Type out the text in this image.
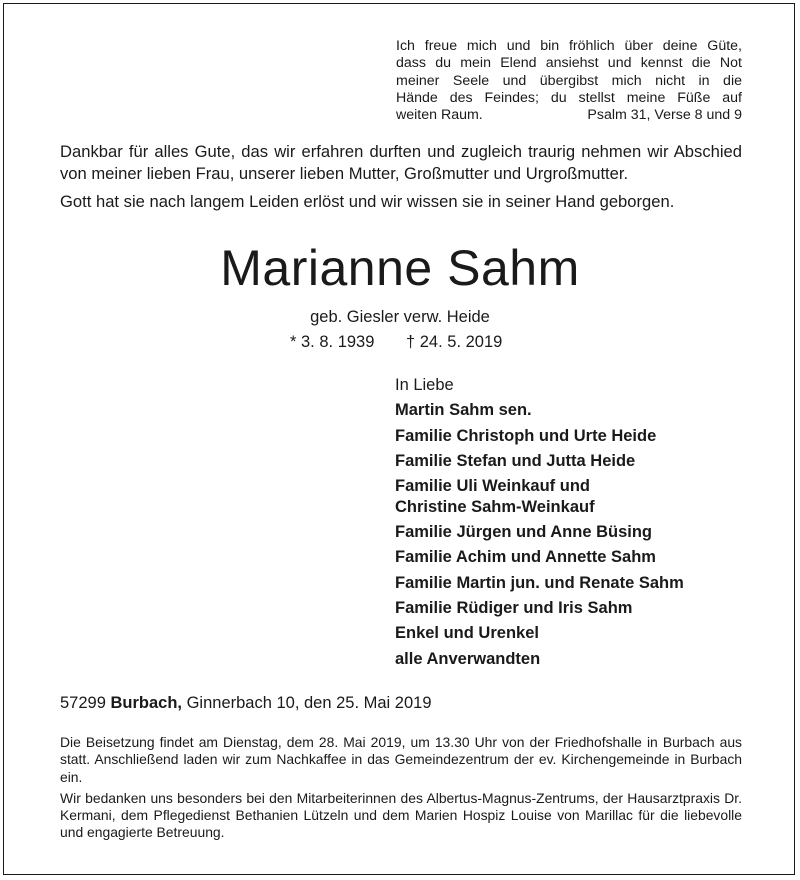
Ich freue mich und bin fröhlich über deine Güte,
dass du mein Elend ansiehst und kennst die Not
meiner Seele und übergibst mich nicht in die
Hände des Feindes; du stellst meine Füße auf
weiten Raum.	Psalm 31, Verse 8 und 9

Dankbar für alles Gute, das wir erfahren durften und zugleich traurig nehmen wir Abschied von meiner lieben Frau, unserer lieben Mutter, Großmutter und Urgroßmutter.

Gott hat sie nach langem Leiden erlöst und wir wissen sie in seiner Hand geborgen.

Marianne Sahm
geb. Giesler verw. Heide
* 3. 8. 1939 † 24. 5. 2019

In Liebe

Martin Sahm sen.
Familie Christoph und Urte Heide
Familie Stefan und Jutta Heide
Familie Uli Weinkauf und
Christine Sahm-Weinkauf
Familie Jürgen und Anne Büsing
Familie Achim und Annette Sahm
Familie Martin jun. und Renate Sahm
Familie Rüdiger und Iris Sahm
Enkel und Urenkel
alle Anverwandten
57299 Burbach, Ginnerbach 10, den 25. Mai 2019

Die Beisetzung findet am Dienstag, dem 28. Mai 2019, um 13.30 Uhr von der Friedhofshalle in Burbach aus statt. Anschließend laden wir zum Nachkaffee in das Gemeindezentrum der ev. Kirchengemeinde in Burbach ein.

Wir bedanken uns besonders bei den Mitarbeiterinnen des Albertus-Magnus-Zentrums, der Hausarztpraxis Dr. Kermani, dem Pflegedienst Bethanien Lützeln und dem Marien Hospiz Louise von Marillac für die liebevolle und engagierte Betreuung.
